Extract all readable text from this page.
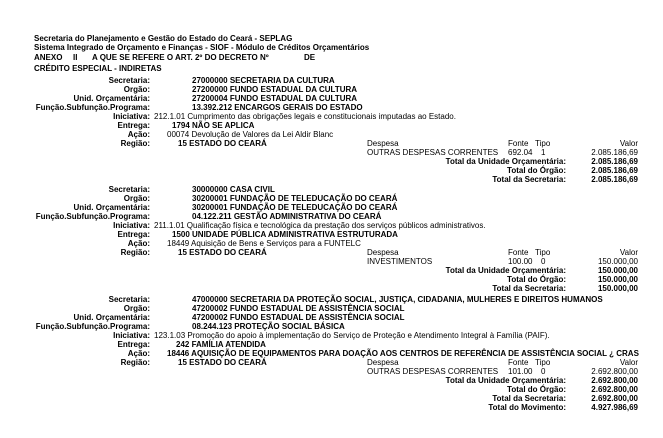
Secretaria do Planejamento e Gestão do Estado do Ceará - SEPLAG
Sistema Integrado de Orçamento e Finanças - SIOF - Módulo de Créditos Orçamentários
ANEXO II A QUE SE REFERE O ART. 2º DO DECRETO Nº	DE
CRÉDITO ESPECIAL - INDIRETAS
Secretaria:	27000000 SECRETARIA DA CULTURA
Orgão:	27200000 FUNDO ESTADUAL DA CULTURA
Unid. Orçamentária:	27200004 FUNDO ESTADUAL DA CULTURA
Função.Subfunção.Programa:	13.392.212 ENCARGOS GERAIS DO ESTADO
Iniciativa: 212.1.01 Cumprimento das obrigações legais e constitucionais imputadas ao Estado.
Entrega:	1794 NÃO SE APLICA
Ação: 00074 Devolução de Valores da Lei Aldir Blanc
Região:	15 ESTADO DO CEARÁ	Despesa	Fonte Tipo	Valor
OUTRAS DESPESAS CORRENTES 692.04 1	2.085.186,69
Total da Unidade Orçamentária:	2.085.186,69
Total do Órgão:	2.085.186,69
Total da Secretaria:	2.085.186,69
Secretaria:	30000000 CASA CIVIL
Orgão:	30200001 FUNDAÇÃO DE TELEDUCAÇÃO DO CEARÁ
Unid. Orçamentária:	30200001 FUNDAÇÃO DE TELEDUCAÇÃO DO CEARÁ
Função.Subfunção.Programa:	04.122.211 GESTÃO ADMINISTRATIVA DO CEARÁ
Iniciativa: 211.1.01 Qualificação física e tecnológica da prestação dos serviços públicos administrativos.
Entrega:	1500 UNIDADE PÚBLICA ADMINISTRATIVA ESTRUTURADA
Ação: 18449 Aquisição de Bens e Serviços para a FUNTELC
Região:	15 ESTADO DO CEARÁ	Despesa	Fonte Tipo	Valor
INVESTIMENTOS	100.00 0	150.000,00
Total da Unidade Orçamentária:	150.000,00
Total do Órgão:	150.000,00
Total da Secretaria:	150.000,00
Secretaria:	47000000 SECRETARIA DA PROTEÇÃO SOCIAL, JUSTIÇA, CIDADANIA, MULHERES E DIREITOS HUMANOS
Orgão:	47200002 FUNDO ESTADUAL DE ASSISTÊNCIA SOCIAL
Unid. Orçamentária:	47200002 FUNDO ESTADUAL DE ASSISTÊNCIA SOCIAL
Função.Subfunção.Programa:	08.244.123 PROTEÇÃO SOCIAL BÁSICA
Iniciativa: 123.1.03 Promoção do apoio à implementação do Serviço de Proteção e Atendimento Integral à Família (PAIF).
Entrega:	242 FAMÍLIA ATENDIDA
Ação: 18446 AQUISIÇÃO DE EQUIPAMENTOS PARA DOAÇÃO AOS CENTROS DE REFERÊNCIA DE ASSISTÊNCIA SOCIAL ¿ CRAS
Região:	15 ESTADO DO CEARÁ	Despesa	Fonte Tipo	Valor
OUTRAS DESPESAS CORRENTES 101.00 0	2.692.800,00
Total da Unidade Orçamentária:	2.692.800,00
Total do Órgão:	2.692.800,00
Total da Secretaria:	2.692.800,00
Total do Movimento:	4.927.986,69
